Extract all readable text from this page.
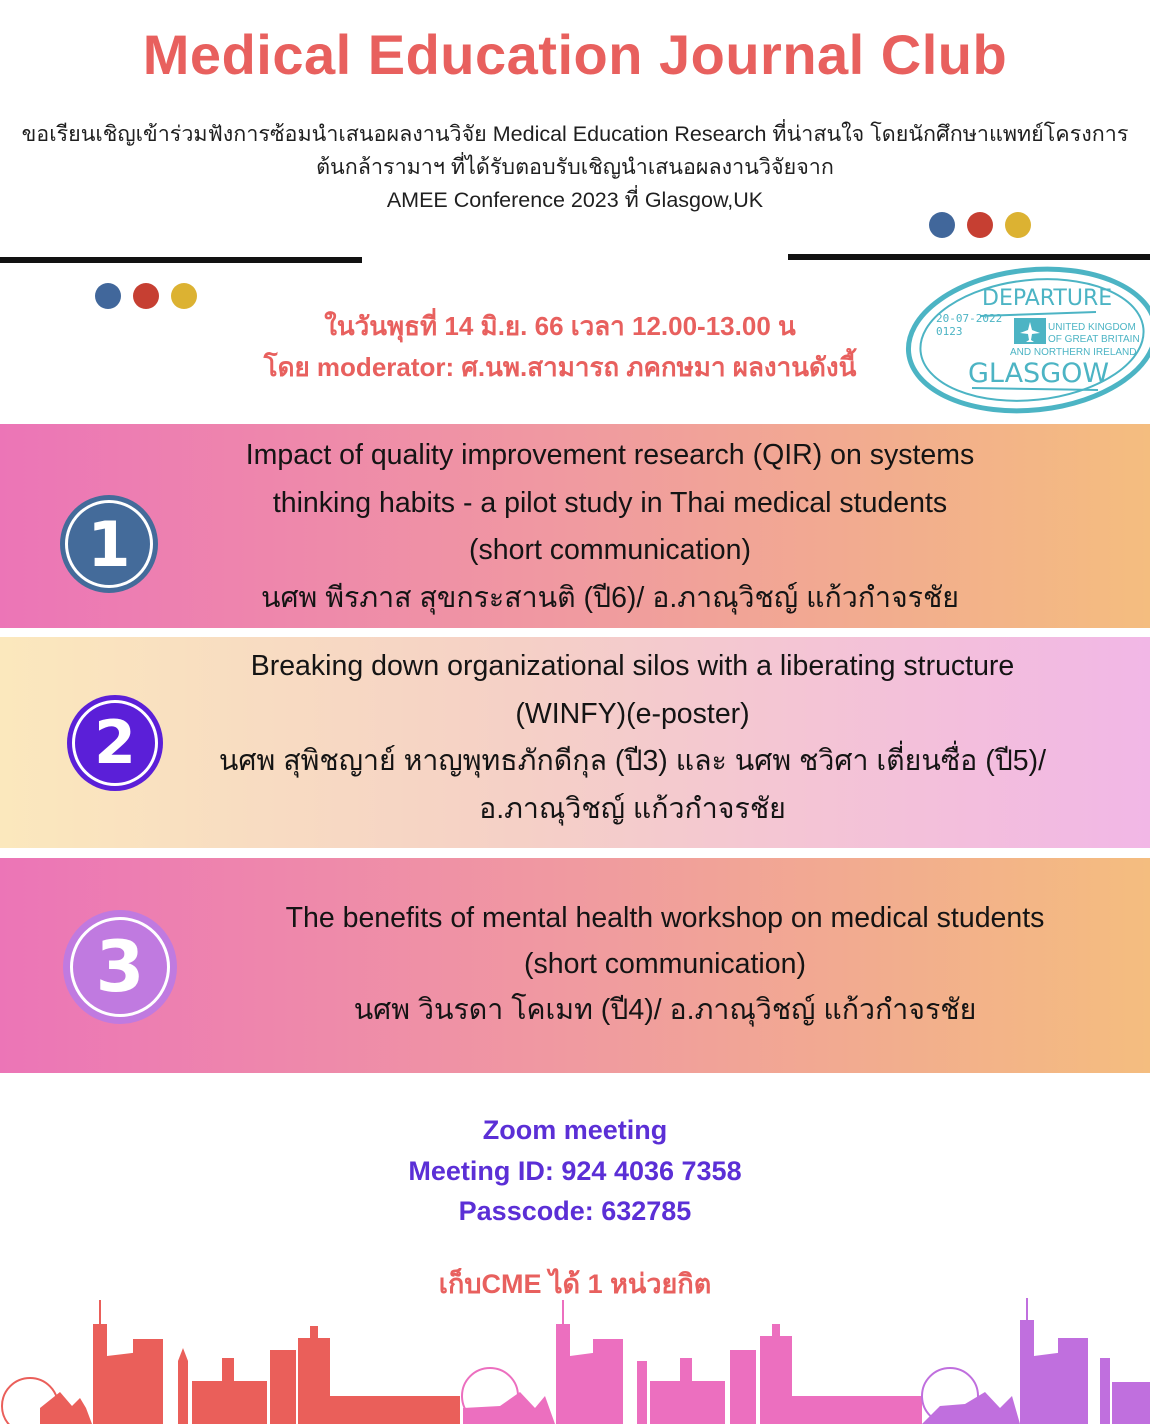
Medical Education Journal Club
ขอเรียนเชิญเข้าร่วมฟังการซ้อมนำเสนอผลงานวิจัย Medical Education Research ที่น่าสนใจ โดยนักศึกษาแพทย์โครงการ
ต้นกล้ารามาฯ ที่ได้รับตอบรับเชิญนำเสนอผลงานวิจัยจาก
AMEE Conference 2023 ที่ Glasgow,UK
ในวันพุธที่ 14 มิ.ย. 66 เวลา 12.00-13.00 น
โดย moderator: ศ.นพ.สามารถ ภคกษมา ผลงานดังนี้
DEPARTURE
20-07-2022
0123	UNITED KINGDOM
OF GREAT BRITAIN
AND NORTHERN IRELAND
GLASGOW
1
Impact of quality improvement research (QIR) on systems
thinking habits - a pilot study in Thai medical students
(short communication)
นศพ พีรภาส สุขกระสานติ (ปี6)/ อ.ภาณุวิชญ์ แก้วกำจรชัย
2
Breaking down organizational silos with a liberating structure
(WINFY)(e-poster)
นศพ สุพิชญาย์ หาญพุทธภักดีกุล (ปี3) และ นศพ ชวิศา เตี่ยนซื่อ (ปี5)/
อ.ภาณุวิชญ์ แก้วกำจรชัย
3
The benefits of mental health workshop on medical students
(short communication)
นศพ วินรดา โคเมท (ปี4)/ อ.ภาณุวิชญ์ แก้วกำจรชัย
Zoom meeting
Meeting ID: 924 4036 7358
Passcode: 632785
เก็บCME ได้ 1 หน่วยกิต
